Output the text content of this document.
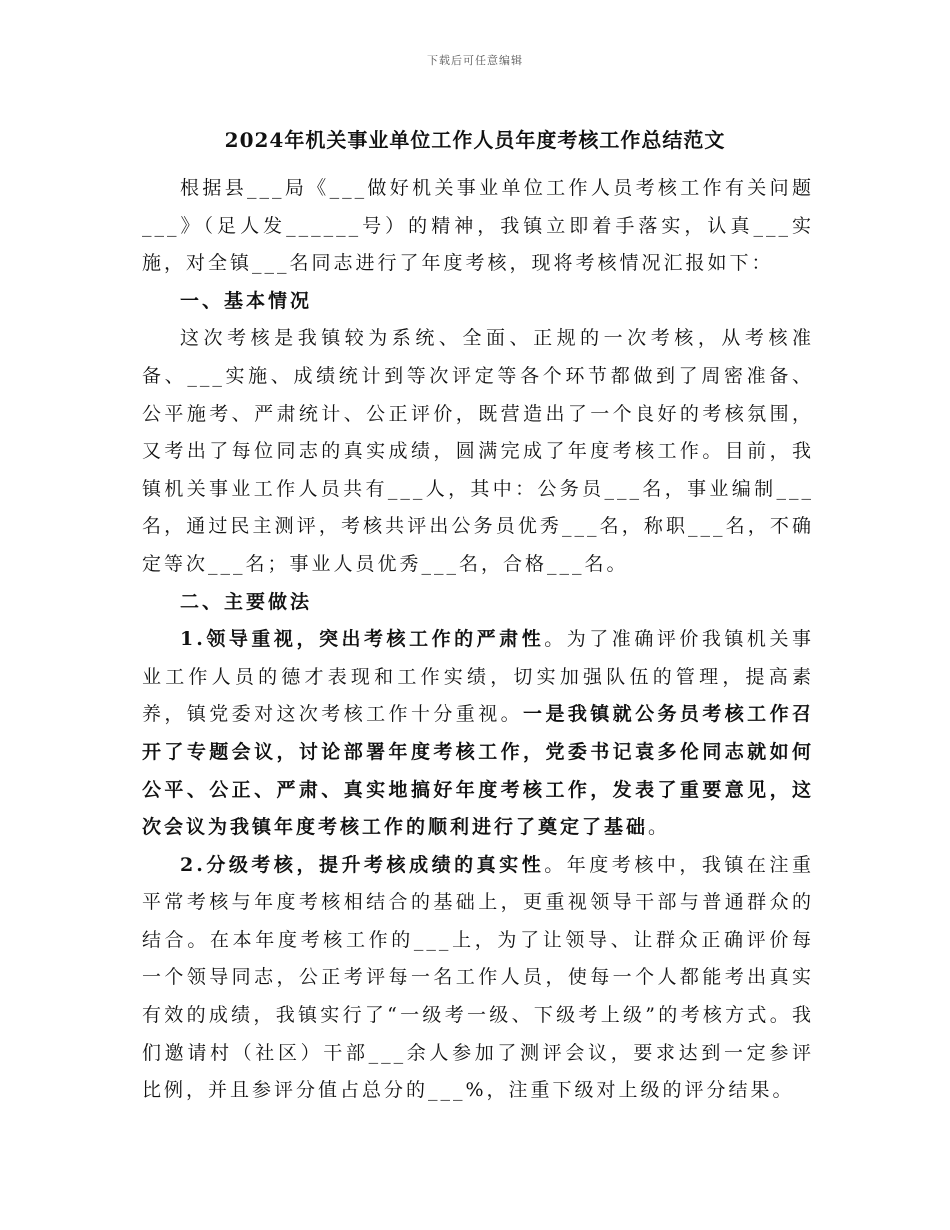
下载后可任意编辑
2024年机关事业单位工作人员年度考核工作总结范文

根据县___局《___做好机关事业单位工作人员考核工作有关问题___》（足人发______号）的精神，我镇立即着手落实，认真___实施，对全镇___名同志进行了年度考核，现将考核情况汇报如下：

一、基本情况

这次考核是我镇较为系统、全面、正规的一次考核，从考核准备、___实施、成绩统计到等次评定等各个环节都做到了周密准备、公平施考、严肃统计、公正评价，既营造出了一个良好的考核氛围，又考出了每位同志的真实成绩，圆满完成了年度考核工作。目前，我镇机关事业工作人员共有___人，其中：公务员___名，事业编制___名，通过民主测评，考核共评出公务员优秀___名，称职___名，不确定等次___名；事业人员优秀___名，合格___名。

二、主要做法

1.领导重视，突出考核工作的严肃性。为了准确评价我镇机关事业工作人员的德才表现和工作实绩，切实加强队伍的管理，提高素养，镇党委对这次考核工作十分重视。一是我镇就公务员考核工作召开了专题会议，讨论部署年度考核工作，党委书记袁多伦同志就如何公平、公正、严肃、真实地搞好年度考核工作，发表了重要意见，这次会议为我镇年度考核工作的顺利进行了奠定了基础。

2.分级考核，提升考核成绩的真实性。年度考核中，我镇在注重平常考核与年度考核相结合的基础上，更重视领导干部与普通群众的结合。在本年度考核工作的___上，为了让领导、让群众正确评价每一个领导同志，公正考评每一名工作人员，使每一个人都能考出真实有效的成绩，我镇实行了“一级考一级、下级考上级”的考核方式。我们邀请村（社区）干部___余人参加了测评会议，要求达到一定参评比例，并且参评分值占总分的___%，注重下级对上级的评分结果。
